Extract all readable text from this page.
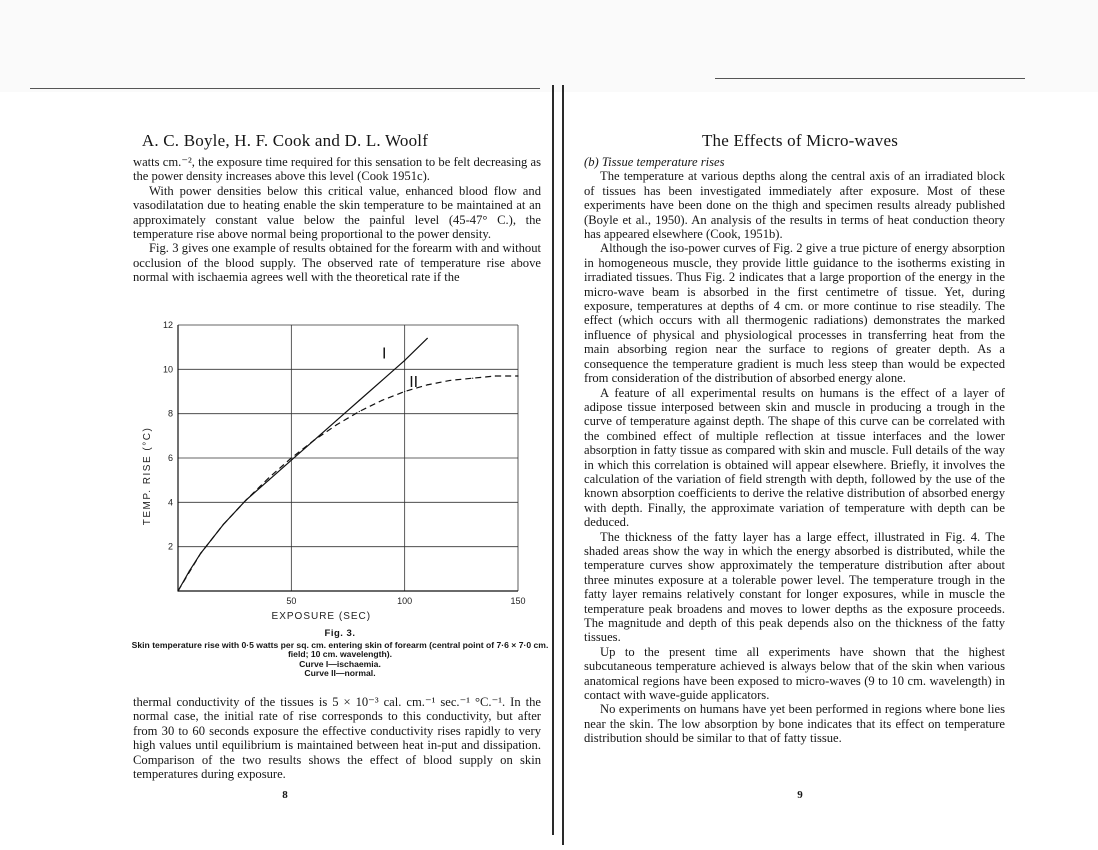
A. C. Boyle, H. F. Cook and D. L. Woolf

watts cm.⁻², the exposure time required for this sensation to be felt decreasing as the power density increases above this level (Cook 1951c).

With power densities below this critical value, enhanced blood flow and vasodilatation due to heating enable the skin temperature to be maintained at an approximately constant value below the painful level (45-47° C.), the temperature rise above normal being proportional to the power density.

Fig. 3 gives one example of results obtained for the forearm with and without occlusion of the blood supply. The observed rate of temperature rise above normal with ischaemia agrees well with the theoretical rate if the

2
4
6
8
10
12
50	100	150
EXPOSURE (SEC)
TEMP. RISE (°C)
I
II
Fig. 3.
Skin temperature rise with 0·5 watts per sq. cm. entering skin of forearm (central point of 7·6 × 7·0 cm. field; 10 cm. wavelength).
Curve I—ischaemia.
Curve II—normal.

thermal conductivity of the tissues is 5 × 10⁻³ cal. cm.⁻¹ sec.⁻¹ °C.⁻¹. In the normal case, the initial rate of rise corresponds to this conductivity, but after from 30 to 60 seconds exposure the effective conductivity rises rapidly to very high values until equilibrium is maintained between heat in-put and dissipation. Comparison of the two results shows the effect of blood supply on skin temperatures during exposure.

8
The Effects of Micro-waves

(b) Tissue temperature rises

The temperature at various depths along the central axis of an irradiated block of tissues has been investigated immediately after exposure. Most of these experiments have been done on the thigh and specimen results already published (Boyle et al., 1950). An analysis of the results in terms of heat conduction theory has appeared elsewhere (Cook, 1951b).

Although the iso-power curves of Fig. 2 give a true picture of energy absorption in homogeneous muscle, they provide little guidance to the isotherms existing in irradiated tissues. Thus Fig. 2 indicates that a large proportion of the energy in the micro-wave beam is absorbed in the first centimetre of tissue. Yet, during exposure, temperatures at depths of 4 cm. or more continue to rise steadily. The effect (which occurs with all thermogenic radiations) demonstrates the marked influence of physical and physiological processes in transferring heat from the main absorbing region near the surface to regions of greater depth. As a consequence the temperature gradient is much less steep than would be expected from consideration of the distribution of absorbed energy alone.

A feature of all experimental results on humans is the effect of a layer of adipose tissue interposed between skin and muscle in producing a trough in the curve of temperature against depth. The shape of this curve can be correlated with the combined effect of multiple reflection at tissue interfaces and the lower absorption in fatty tissue as compared with skin and muscle. Full details of the way in which this correlation is obtained will appear elsewhere. Briefly, it involves the calculation of the variation of field strength with depth, followed by the use of the known absorption coefficients to derive the relative distribution of absorbed energy with depth. Finally, the approximate variation of temperature with depth can be deduced.

The thickness of the fatty layer has a large effect, illustrated in Fig. 4. The shaded areas show the way in which the energy absorbed is distributed, while the temperature curves show approximately the temperature distribution after about three minutes exposure at a tolerable power level. The temperature trough in the fatty layer remains relatively constant for longer exposures, while in muscle the temperature peak broadens and moves to lower depths as the exposure proceeds. The magnitude and depth of this peak depends also on the thickness of the fatty tissues.

Up to the present time all experiments have shown that the highest subcutaneous temperature achieved is always below that of the skin when various anatomical regions have been exposed to micro-waves (9 to 10 cm. wavelength) in contact with wave-guide applicators.

No experiments on humans have yet been performed in regions where bone lies near the skin. The low absorption by bone indicates that its effect on temperature distribution should be similar to that of fatty tissue.

9
